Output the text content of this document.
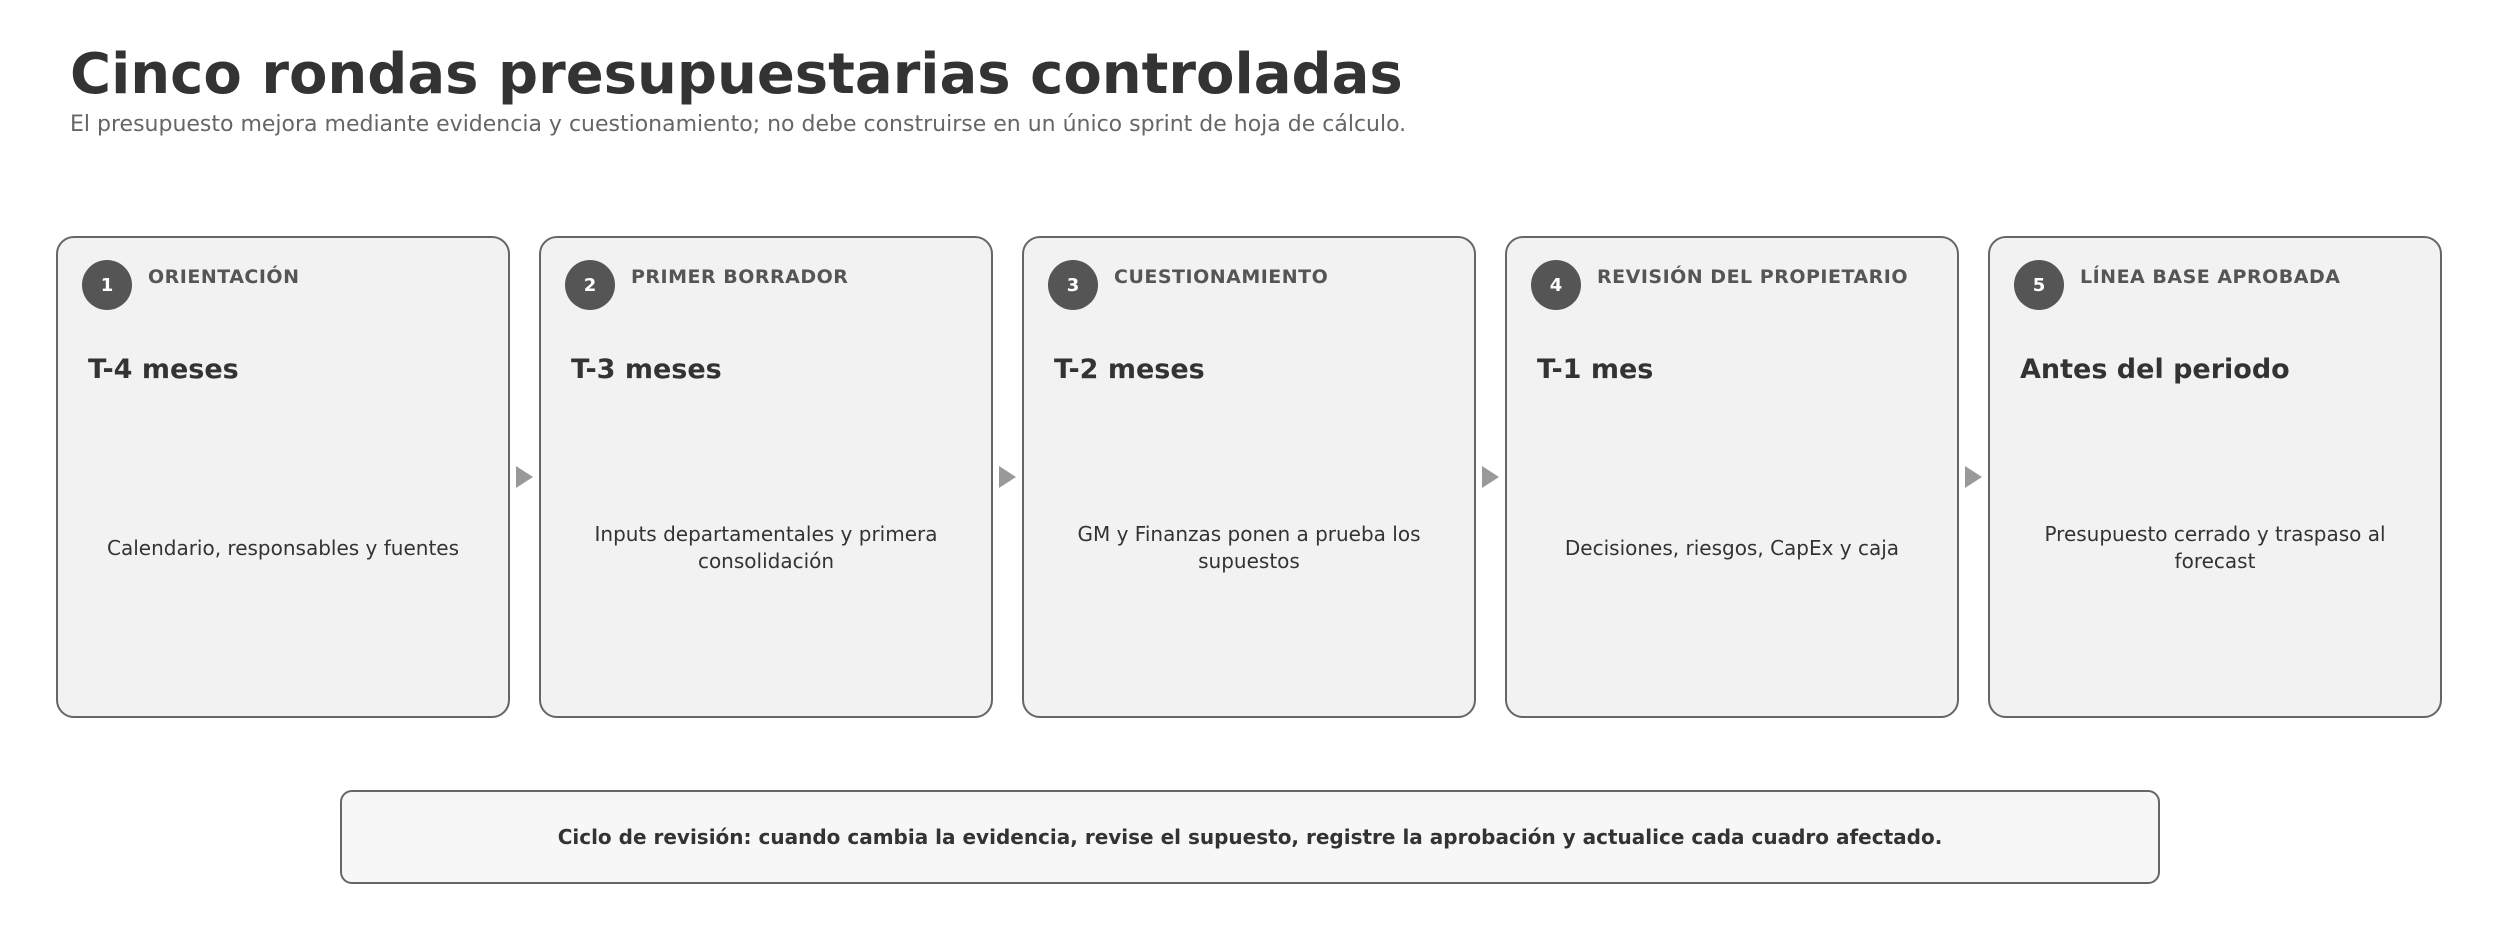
Cinco rondas presupuestarias controladas

El presupuesto mejora mediante evidencia y cuestionamiento; no debe construirse en un único sprint de hoja de cálculo.

1	ORIENTACIÓN
T-4 meses
Calendario, responsables y fuentes
2	PRIMER BORRADOR
T-3 meses
Inputs departamentales y primera consolidación
3	CUESTIONAMIENTO
T-2 meses
GM y Finanzas ponen a prueba los supuestos
4	REVISIÓN DEL PROPIETARIO
T-1 mes
Decisiones, riesgos, CapEx y caja
5	LÍNEA BASE APROBADA
Antes del periodo
Presupuesto cerrado y traspaso al forecast
Ciclo de revisión: cuando cambia la evidencia, revise el supuesto, registre la aprobación y actualice cada cuadro afectado.
